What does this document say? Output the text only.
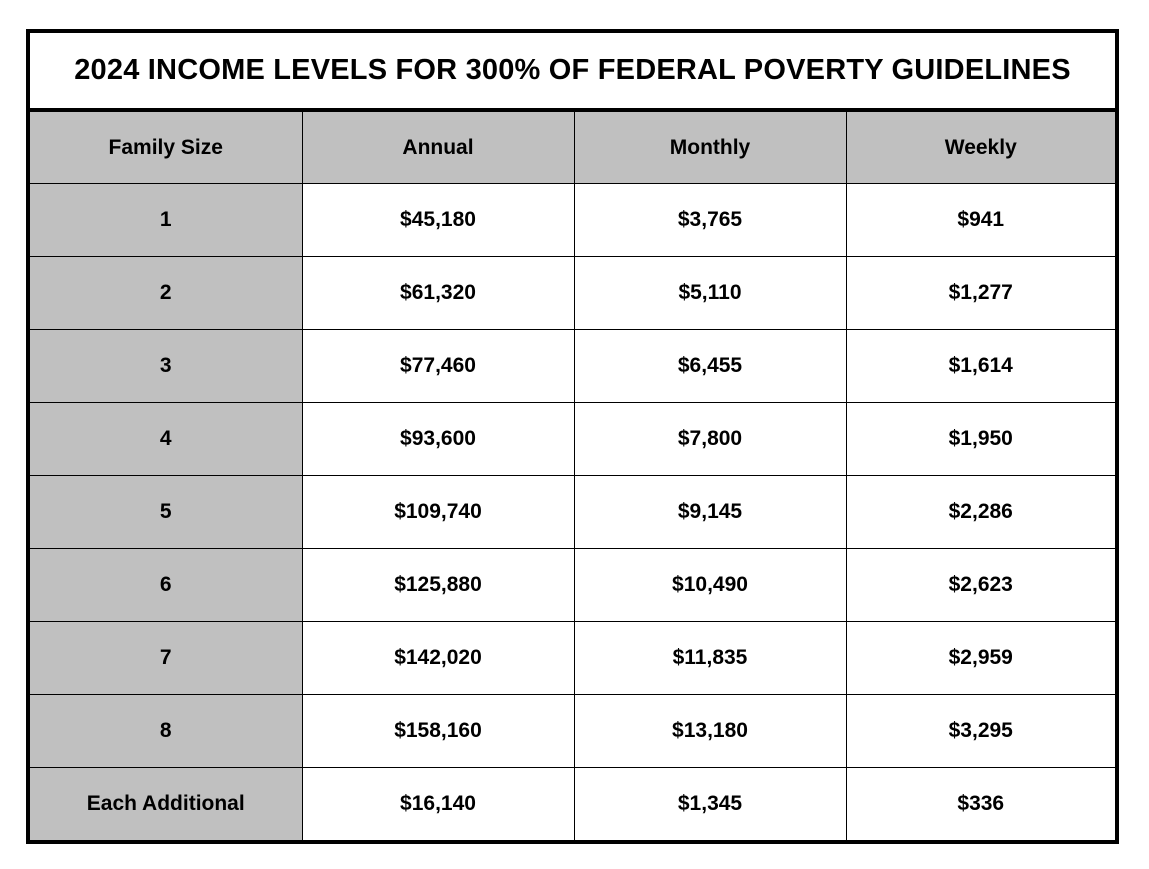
2024 INCOME LEVELS FOR 300% OF FEDERAL POVERTY GUIDELINES
Family Size	Annual	Monthly	Weekly
1	$45,180	$3,765	$941
2	$61,320	$5,110	$1,277
3	$77,460	$6,455	$1,614
4	$93,600	$7,800	$1,950
5	$109,740	$9,145	$2,286
6	$125,880	$10,490	$2,623
7	$142,020	$11,835	$2,959
8	$158,160	$13,180	$3,295
Each Additional	$16,140	$1,345	$336
